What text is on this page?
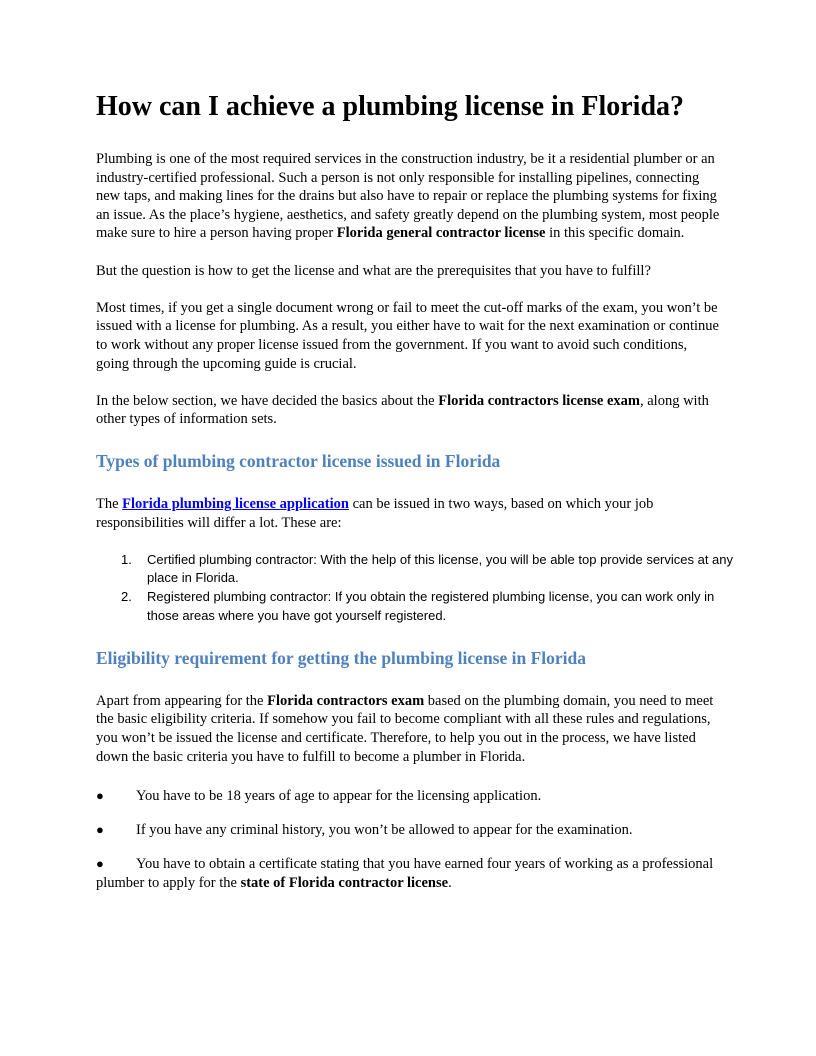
How can I achieve a plumbing license in Florida?

Plumbing is one of the most required services in the construction industry, be it a residential plumber or an industry-certified professional. Such a person is not only responsible for installing pipelines, connecting new taps, and making lines for the drains but also have to repair or replace the plumbing systems for fixing an issue. As the place’s hygiene, aesthetics, and safety greatly depend on the plumbing system, most people make sure to hire a person having proper Florida general contractor license in this specific domain.

But the question is how to get the license and what are the prerequisites that you have to fulfill?

Most times, if you get a single document wrong or fail to meet the cut-off marks of the exam, you won’t be issued with a license for plumbing. As a result, you either have to wait for the next examination or continue to work without any proper license issued from the government. If you want to avoid such conditions, going through the upcoming guide is crucial.

In the below section, we have decided the basics about the Florida contractors license exam, along with other types of information sets.

Types of plumbing contractor license issued in Florida

The Florida plumbing license application can be issued in two ways, based on which your job responsibilities will differ a lot. These are:

1.	Certified plumbing contractor: With the help of this license, you will be able top provide services at any place in Florida.
2.	Registered plumbing contractor: If you obtain the registered plumbing license, you can work only in those areas where you have got yourself registered.
Eligibility requirement for getting the plumbing license in Florida

Apart from appearing for the Florida contractors exam based on the plumbing domain, you need to meet the basic eligibility criteria. If somehow you fail to become compliant with all these rules and regulations, you won’t be issued the license and certificate. Therefore, to help you out in the process, we have listed down the basic criteria you have to fulfill to become a plumber in Florida.

● You have to be 18 years of age to appear for the licensing application.

● If you have any criminal history, you won’t be allowed to appear for the examination.

● You have to obtain a certificate stating that you have earned four years of working as a professional plumber to apply for the state of Florida contractor license.
